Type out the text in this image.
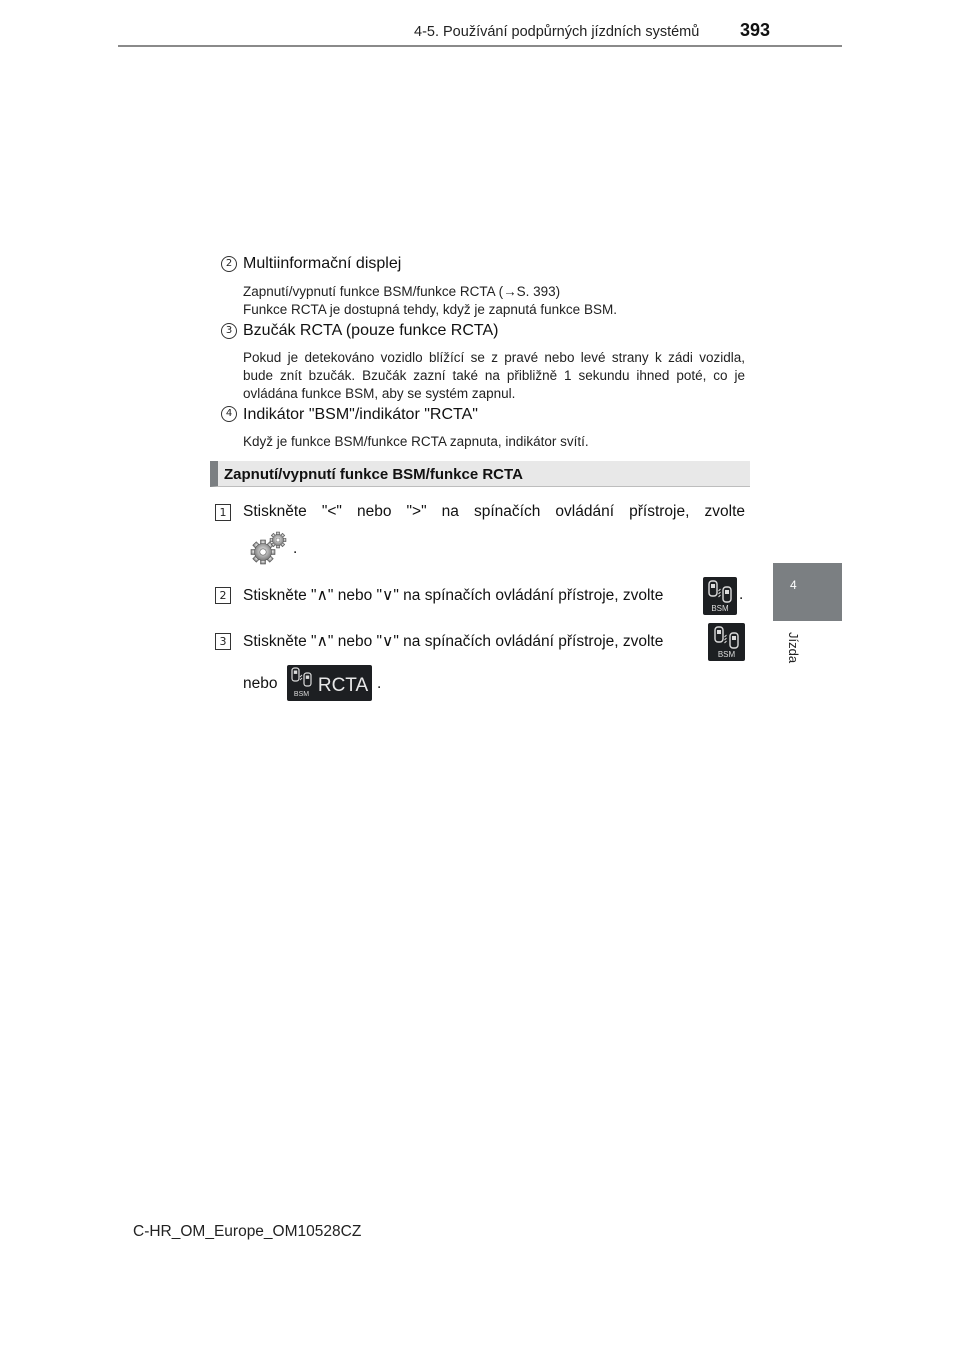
4-5. Používání podpůrných jízdních systémů 393
4
Jízda
2 Multiinformační displej
Zapnutí/vypnutí funkce BSM/funkce RCTA (→S. 393)
Funkce RCTA je dostupná tehdy, když je zapnutá funkce BSM.
3 Bzučák RCTA (pouze funkce RCTA)
Pokud je detekováno vozidlo blížící se z pravé nebo levé strany k zádi vozidla, bude znít bzučák. Bzučák zazní také na přibližně 1 sekundu ihned poté, co je ovládána funkce BSM, aby se systém zapnul.
4 Indikátor "BSM"/indikátor "RCTA"
Když je funkce BSM/funkce RCTA zapnuta, indikátor svítí.
Zapnutí/vypnutí funkce BSM/funkce RCTA
1 Stiskněte "<" nebo ">" na spínačích ovládání přístroje, zvolte
.
2 Stiskněte "∧" nebo "∨" na spínačích ovládání přístroje, zvolte
BSM
.
3 Stiskněte "∧" nebo "∨" na spínačích ovládání přístroje, zvolte
BSM
nebo
BSM RCTA .
C-HR_OM_Europe_OM10528CZ
